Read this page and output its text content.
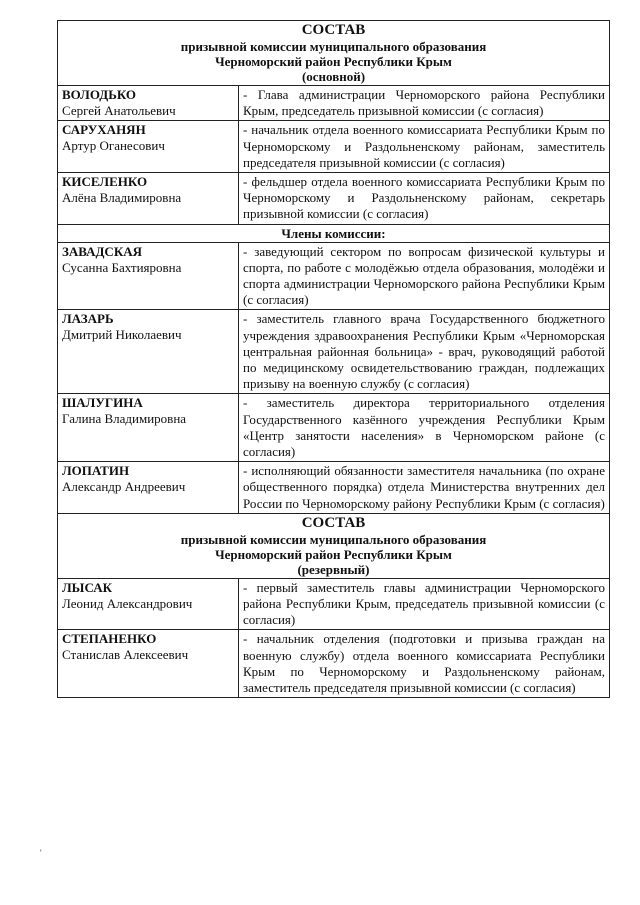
СОСТАВ
призывной комиссии муниципального образования
Черноморский район Республики Крым
(основной)	

ВОЛОДЬКО
Сергей Анатольевич	- Глава администрации Черноморского района Республики Крым, председатель призывной комиссии (с согласия)

САРУХАНЯН
Артур Оганесович	- начальник отдела военного комиссариата Республики Крым по Черноморскому и Раздольненскому районам, заместитель председателя призывной комиссии (с согласия)

КИСЕЛЕНКО
Алёна Владимировна	- фельдшер отдела военного комиссариата Республики Крым по Черноморскому и Раздольненскому районам, секретарь призывной комиссии (с согласия)
Члены комиссии:	

ЗАВАДСКАЯ
Сусанна Бахтияровна	- заведующий сектором по вопросам физической культуры и спорта, по работе с молодёжью отдела образования, молодёжи и спорта администрации Черноморского района Республики Крым (с согласия)

ЛАЗАРЬ
Дмитрий Николаевич	- заместитель главного врача Государственного бюджетного учреждения здравоохранения Республики Крым «Черноморская центральная районная больница» - врач, руководящий работой по медицинскому освидетельствованию граждан, подлежащих призыву на военную службу (с согласия)

ШАЛУГИНА
Галина Владимировна	- заместитель директора территориального отделения Государственного казённого учреждения Республики Крым «Центр занятости населения» в Черноморском районе (с согласия)

ЛОПАТИН
Александр Андреевич	- исполняющий обязанности заместителя начальника (по охране общественного порядка) отдела Министерства внутренних дел России по Черноморскому району Республики Крым (с согласия)

СОСТАВ
призывной комиссии муниципального образования
Черноморский район Республики Крым
(резервный)	

ЛЫСАК
Леонид Александрович	- первый заместитель главы администрации Черноморского района Республики Крым, председатель призывной комиссии (с согласия)

СТЕПАНЕНКО
Станислав Алексеевич	- начальник отделения (подготовки и призыва граждан на военную службу) отдела военного комиссариата Республики Крым по Черноморскому и Раздольненскому районам, заместитель председателя призывной комиссии (с согласия)
'
